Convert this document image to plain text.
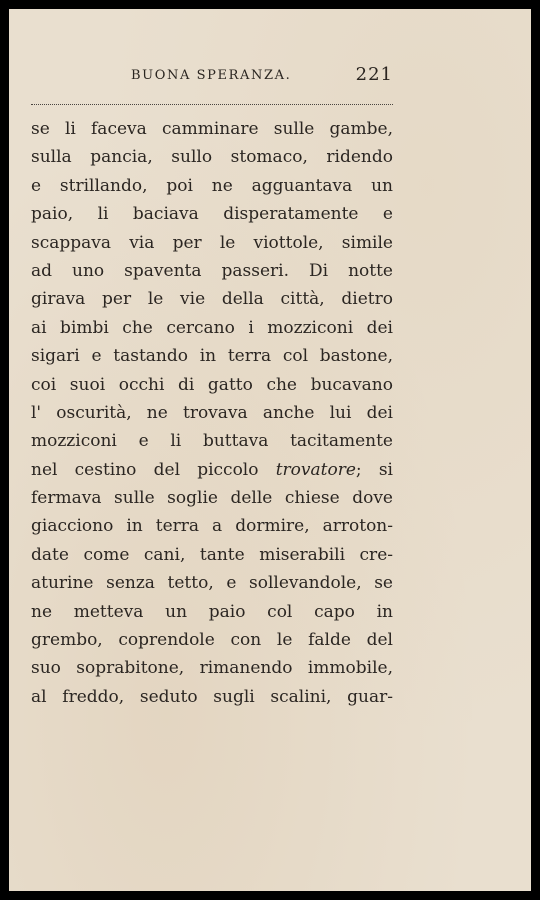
BUONA SPERANZA.	221
se li faceva camminare sulle gambe,
sulla pancia, sullo stomaco, ridendo
e strillando, poi ne agguantava un
paio, li baciava disperatamente e
scappava via per le viottole, simile
ad uno spaventa passeri. Di notte
girava per le vie della città, dietro
ai bimbi che cercano i mozziconi dei
sigari e tastando in terra col bastone,
coi suoi occhi di gatto che bucavano
l' oscurità, ne trovava anche lui dei
mozziconi e li buttava tacitamente
nel cestino del piccolo trovatore; si
fermava sulle soglie delle chiese dove
giacciono in terra a dormire, arroton-
date come cani, tante miserabili cre-
aturine senza tetto, e sollevandole, se
ne metteva un paio col capo in
grembo, coprendole con le falde del
suo soprabitone, rimanendo immobile,
al freddo, seduto sugli scalini, guar-
